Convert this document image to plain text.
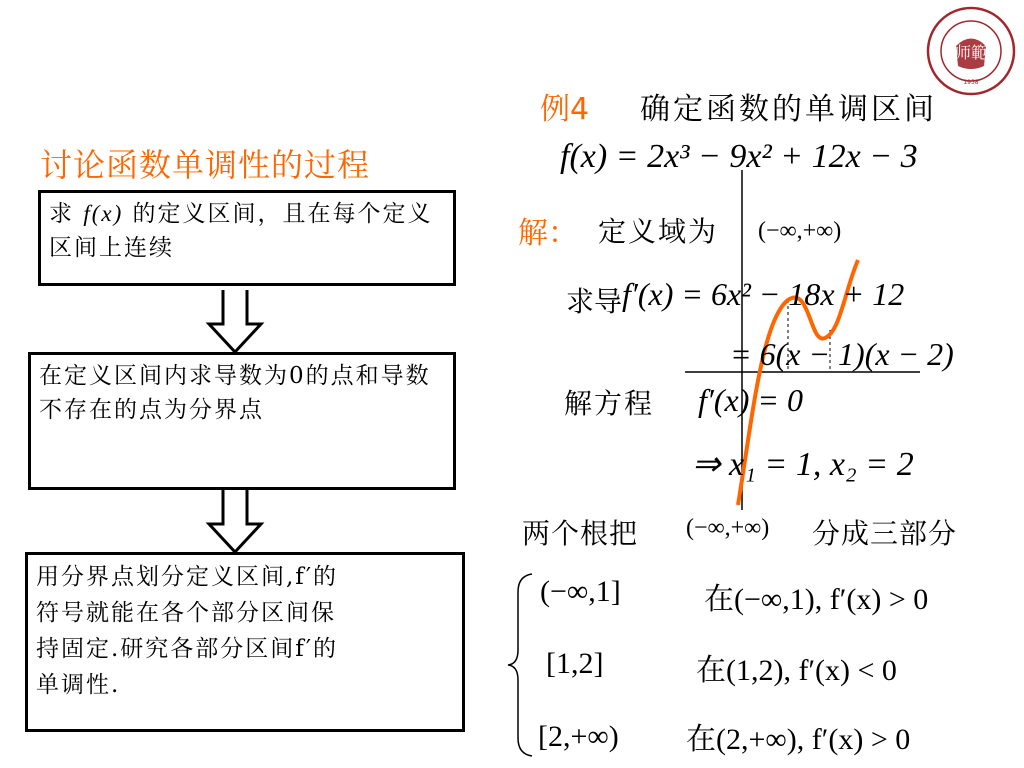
师範
1958
讨论函数单调性的过程
求 f(x) 的定义区间，且在每个定义区间上连续
在定义区间内求导数为0的点和导数不存在的点为分界点
用分界点划分定义区间,f′的
符号就能在各个部分区间保
持固定.研究各部分区间f′的
单调性.
例4 确定函数的单调区间
f(x) = 2x³ − 9x² + 12x − 3
解： 定义域为 (−∞,+∞)
求导 f′(x) = 6x² − 18x + 12
= 6(x − 1)(x − 2)
解方程 f′(x) = 0
⇒ x₁ = 1, x₂ = 2
两个根把 (−∞,+∞) 分成三部分
(−∞,1]	在(−∞,1), f′(x) > 0
[1,2]	在(1,2), f′(x) < 0
[2,+∞) 在(2,+∞), f′(x) > 0
